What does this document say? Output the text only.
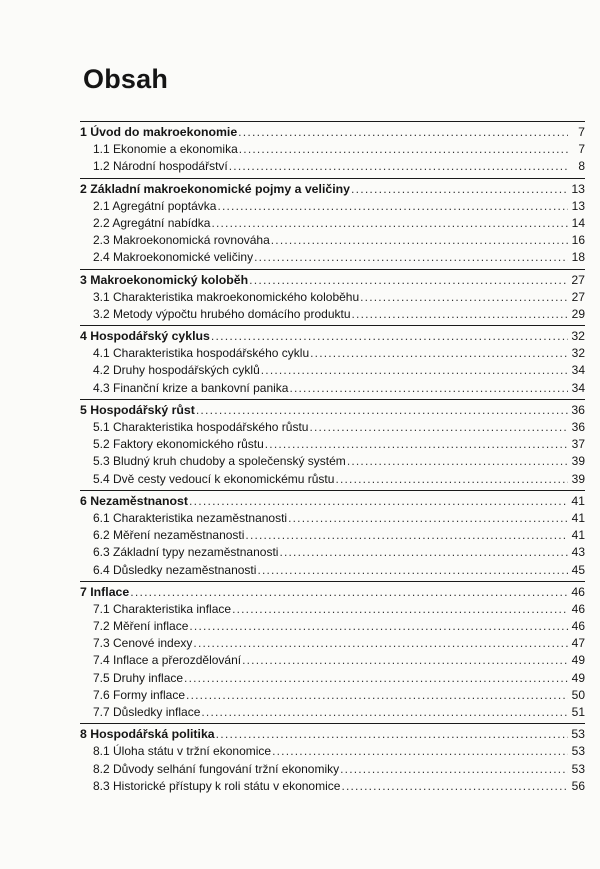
Obsah
1 Úvod do makroekonomie .....	7
1.1 Ekonomie a ekonomika .....	7
1.2 Národní hospodářství .....	8
2 Základní makroekonomické pojmy a veličiny .....	13
2.1 Agregátní poptávka .....	13
2.2 Agregátní nabídka .....	14
2.3 Makroekonomická rovnováha .....	16
2.4 Makroekonomické veličiny .....	18
3 Makroekonomický koloběh .....	27
3.1 Charakteristika makroekonomického koloběhu .....	27
3.2 Metody výpočtu hrubého domácího produktu .....	29
4 Hospodářský cyklus .....	32
4.1 Charakteristika hospodářského cyklu .....	32
4.2 Druhy hospodářských cyklů .....	34
4.3 Finanční krize a bankovní panika .....	34
5 Hospodářský růst .....	36
5.1 Charakteristika hospodářského růstu .....	36
5.2 Faktory ekonomického růstu .....	37
5.3 Bludný kruh chudoby a společenský systém .....	39
5.4 Dvě cesty vedoucí k ekonomickému růstu .....	39
6 Nezaměstnanost .....	41
6.1 Charakteristika nezaměstnanosti .....	41
6.2 Měření nezaměstnanosti .....	41
6.3 Základní typy nezaměstnanosti .....	43
6.4 Důsledky nezaměstnanosti .....	45
7 Inflace .....	46
7.1 Charakteristika inflace .....	46
7.2 Měření inflace .....	46
7.3 Cenové indexy .....	47
7.4 Inflace a přerozdělování .....	49
7.5 Druhy inflace .....	49
7.6 Formy inflace .....	50
7.7 Důsledky inflace .....	51
8 Hospodářská politika .....	53
8.1 Úloha státu v tržní ekonomice .....	53
8.2 Důvody selhání fungování tržní ekonomiky .....	53
8.3 Historické přístupy k roli státu v ekonomice .....	56
